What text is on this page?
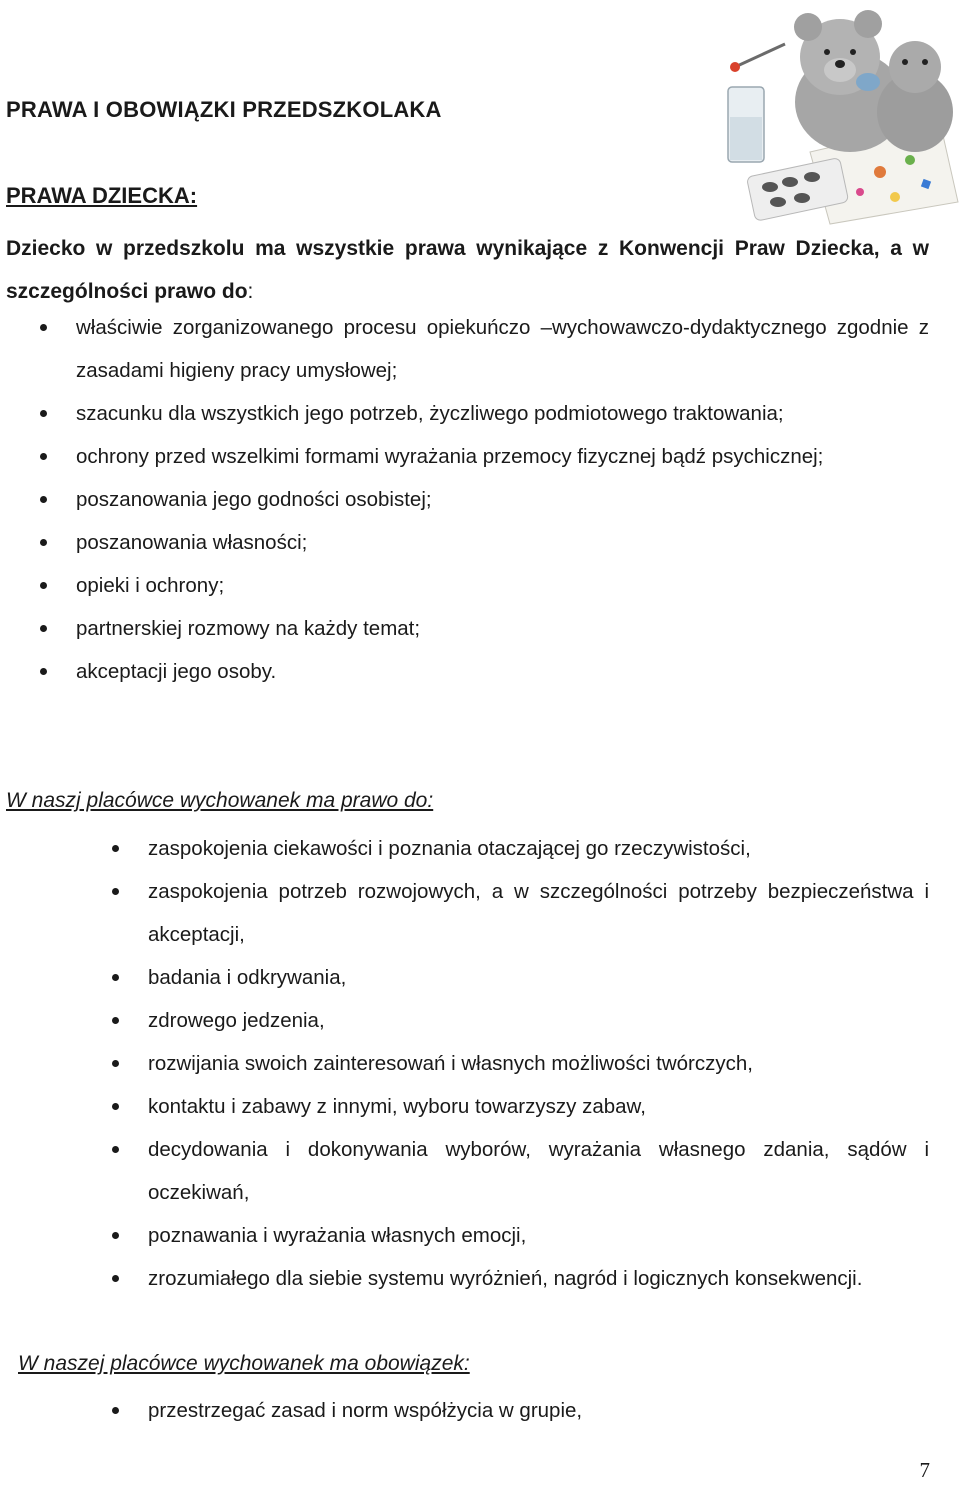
PRAWA I OBOWIĄZKI PRZEDSZKOLAKA
PRAWA DZIECKA:
Dziecko w przedszkolu ma wszystkie prawa wynikające z Konwencji Praw Dziecka, a w szczególności prawo do:
właściwie zorganizowanego procesu opiekuńczo –wychowawczo-dydaktycznego zgodnie z zasadami higieny pracy umysłowej;
szacunku dla wszystkich jego potrzeb, życzliwego podmiotowego traktowania;
ochrony przed wszelkimi formami wyrażania przemocy fizycznej bądź psychicznej;
poszanowania jego godności osobistej;
poszanowania własności;
opieki i ochrony;
partnerskiej rozmowy na każdy temat;
akceptacji jego osoby.
W naszj placówce wychowanek ma prawo do:
zaspokojenia ciekawości i poznania otaczającej go rzeczywistości,
zaspokojenia potrzeb rozwojowych, a w szczególności potrzeby bezpieczeństwa i akceptacji,
badania i odkrywania,
zdrowego jedzenia,
rozwijania swoich zainteresowań i własnych możliwości twórczych,
kontaktu i zabawy z innymi, wyboru towarzyszy zabaw,
decydowania i dokonywania wyborów, wyrażania własnego zdania, sądów i oczekiwań,
poznawania i wyrażania własnych emocji,
zrozumiałego dla siebie systemu wyróżnień, nagród i logicznych konsekwencji.
W naszej placówce wychowanek ma obowiązek:
przestrzegać zasad i norm współżycia w grupie,
7
